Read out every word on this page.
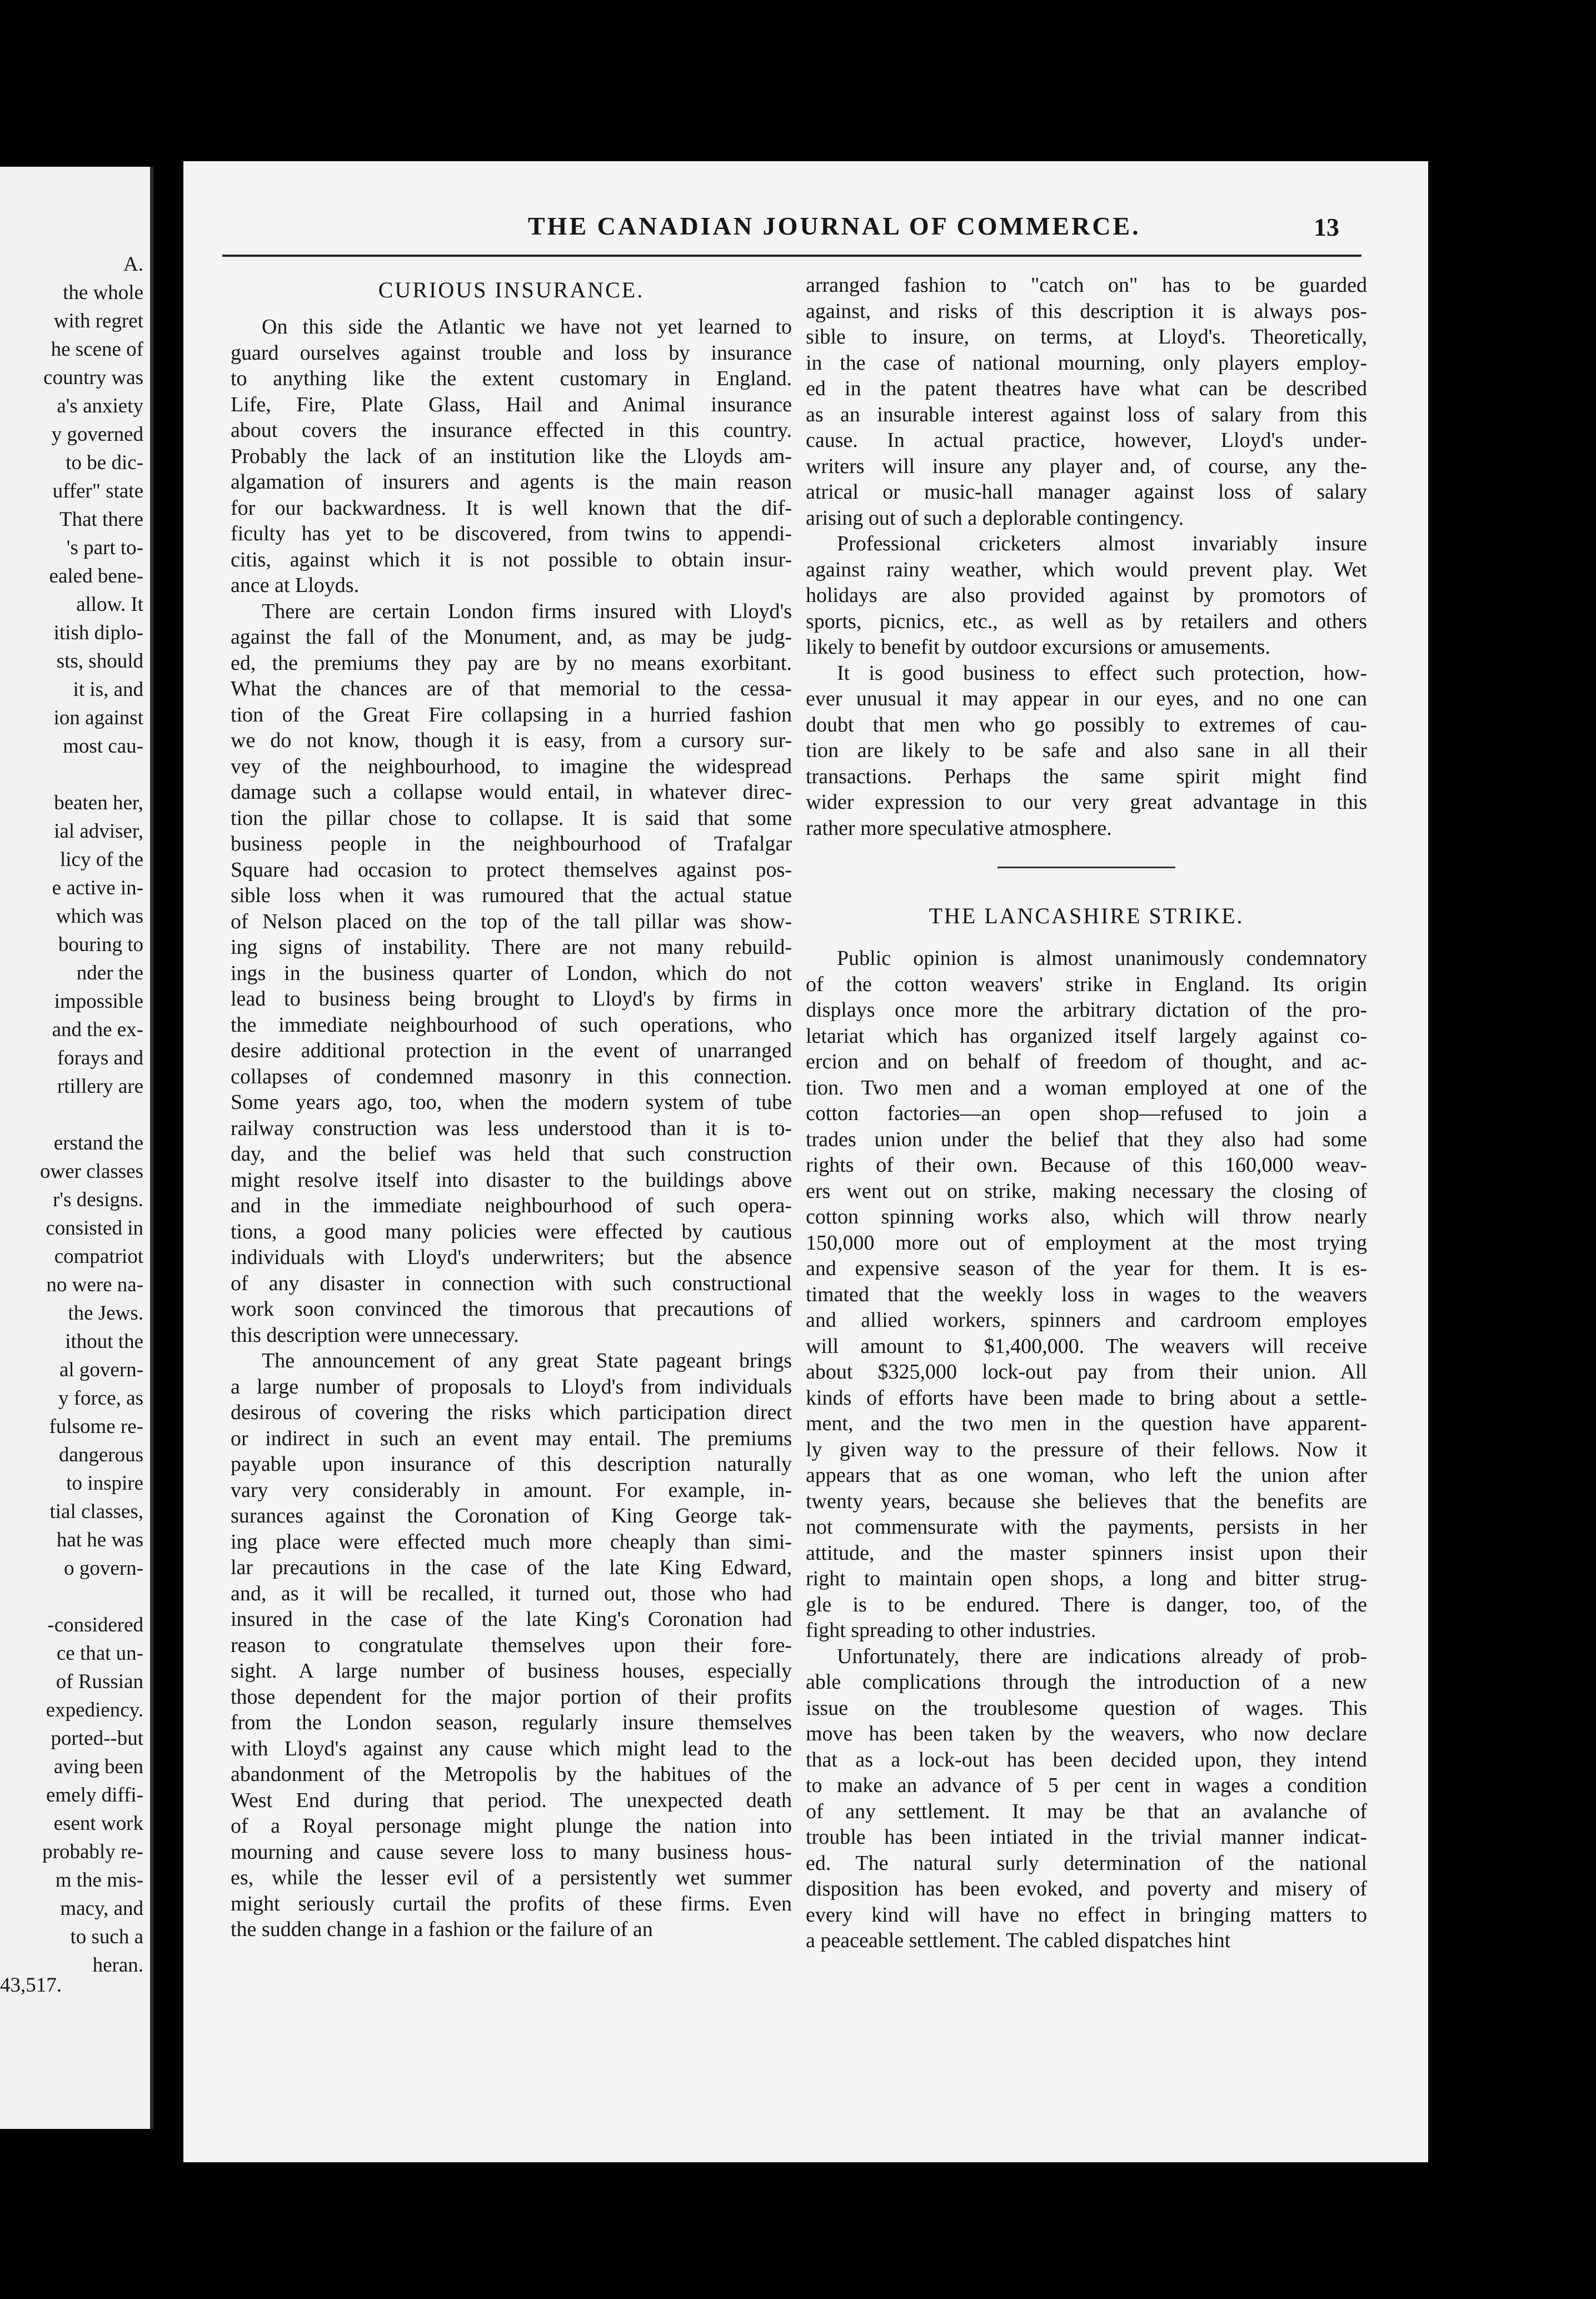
A.

the whole

with regret

he scene of

country was

a's anxiety

y governed

to be dic-

uffer" state

That there

's part to-

ealed bene-

allow. It

itish diplo-

sts, should

it is, and

ion against

most cau-

beaten her,

ial adviser,

licy of the

e active in-

which was

bouring to

nder the

impossible

and the ex-

forays and

rtillery are

erstand the

ower classes

r's designs.

consisted in

compatriot

no were na-

the Jews.

ithout the

al govern-

y force, as

fulsome re-

dangerous

to inspire

tial classes,

hat he was

o govern-

-considered

ce that un-

of Russian

expediency.

ported--but

aving been

emely diffi-

esent work

probably re-

m the mis-

macy, and

to such a

heran.

43,517.
THE CANADIAN JOURNAL OF COMMERCE.	13
CURIOUS INSURANCE.

On this side the Atlantic we have not yet learned to

guard ourselves against trouble and loss by insurance

to anything like the extent customary in England.

Life, Fire, Plate Glass, Hail and Animal insurance

about covers the insurance effected in this country.

Probably the lack of an institution like the Lloyds am-

algamation of insurers and agents is the main reason

for our backwardness. It is well known that the dif-

ficulty has yet to be discovered, from twins to appendi-

citis, against which it is not possible to obtain insur-

ance at Lloyds.

There are certain London firms insured with Lloyd's

against the fall of the Monument, and, as may be judg-

ed, the premiums they pay are by no means exorbitant.

What the chances are of that memorial to the cessa-

tion of the Great Fire collapsing in a hurried fashion

we do not know, though it is easy, from a cursory sur-

vey of the neighbourhood, to imagine the widespread

damage such a collapse would entail, in whatever direc-

tion the pillar chose to collapse. It is said that some

business people in the neighbourhood of Trafalgar

Square had occasion to protect themselves against pos-

sible loss when it was rumoured that the actual statue

of Nelson placed on the top of the tall pillar was show-

ing signs of instability. There are not many rebuild-

ings in the business quarter of London, which do not

lead to business being brought to Lloyd's by firms in

the immediate neighbourhood of such operations, who

desire additional protection in the event of unarranged

collapses of condemned masonry in this connection.

Some years ago, too, when the modern system of tube

railway construction was less understood than it is to-

day, and the belief was held that such construction

might resolve itself into disaster to the buildings above

and in the immediate neighbourhood of such opera-

tions, a good many policies were effected by cautious

individuals with Lloyd's underwriters; but the absence

of any disaster in connection with such constructional

work soon convinced the timorous that precautions of

this description were unnecessary.

The announcement of any great State pageant brings

a large number of proposals to Lloyd's from individuals

desirous of covering the risks which participation direct

or indirect in such an event may entail. The premiums

payable upon insurance of this description naturally

vary very considerably in amount. For example, in-

surances against the Coronation of King George tak-

ing place were effected much more cheaply than simi-

lar precautions in the case of the late King Edward,

and, as it will be recalled, it turned out, those who had

insured in the case of the late King's Coronation had

reason to congratulate themselves upon their fore-

sight. A large number of business houses, especially

those dependent for the major portion of their profits

from the London season, regularly insure themselves

with Lloyd's against any cause which might lead to the

abandonment of the Metropolis by the habitues of the

West End during that period. The unexpected death

of a Royal personage might plunge the nation into

mourning and cause severe loss to many business hous-

es, while the lesser evil of a persistently wet summer

might seriously curtail the profits of these firms. Even

the sudden change in a fashion or the failure of an

arranged fashion to "catch on" has to be guarded

against, and risks of this description it is always pos-

sible to insure, on terms, at Lloyd's. Theoretically,

in the case of national mourning, only players employ-

ed in the patent theatres have what can be described

as an insurable interest against loss of salary from this

cause. In actual practice, however, Lloyd's under-

writers will insure any player and, of course, any the-

atrical or music-hall manager against loss of salary

arising out of such a deplorable contingency.

Professional cricketers almost invariably insure

against rainy weather, which would prevent play. Wet

holidays are also provided against by promotors of

sports, picnics, etc., as well as by retailers and others

likely to benefit by outdoor excursions or amusements.

It is good business to effect such protection, how-

ever unusual it may appear in our eyes, and no one can

doubt that men who go possibly to extremes of cau-

tion are likely to be safe and also sane in all their

transactions. Perhaps the same spirit might find

wider expression to our very great advantage in this

rather more speculative atmosphere.

THE LANCASHIRE STRIKE.

Public opinion is almost unanimously condemnatory

of the cotton weavers' strike in England. Its origin

displays once more the arbitrary dictation of the pro-

letariat which has organized itself largely against co-

ercion and on behalf of freedom of thought, and ac-

tion. Two men and a woman employed at one of the

cotton factories—an open shop—refused to join a

trades union under the belief that they also had some

rights of their own. Because of this 160,000 weav-

ers went out on strike, making necessary the closing of

cotton spinning works also, which will throw nearly

150,000 more out of employment at the most trying

and expensive season of the year for them. It is es-

timated that the weekly loss in wages to the weavers

and allied workers, spinners and cardroom employes

will amount to $1,400,000. The weavers will receive

about $325,000 lock-out pay from their union. All

kinds of efforts have been made to bring about a settle-

ment, and the two men in the question have apparent-

ly given way to the pressure of their fellows. Now it

appears that as one woman, who left the union after

twenty years, because she believes that the benefits are

not commensurate with the payments, persists in her

attitude, and the master spinners insist upon their

right to maintain open shops, a long and bitter strug-

gle is to be endured. There is danger, too, of the

fight spreading to other industries.

Unfortunately, there are indications already of prob-

able complications through the introduction of a new

issue on the troublesome question of wages. This

move has been taken by the weavers, who now declare

that as a lock-out has been decided upon, they intend

to make an advance of 5 per cent in wages a condition

of any settlement. It may be that an avalanche of

trouble has been intiated in the trivial manner indicat-

ed. The natural surly determination of the national

disposition has been evoked, and poverty and misery of

every kind will have no effect in bringing matters to

a peaceable settlement. The cabled dispatches hint
